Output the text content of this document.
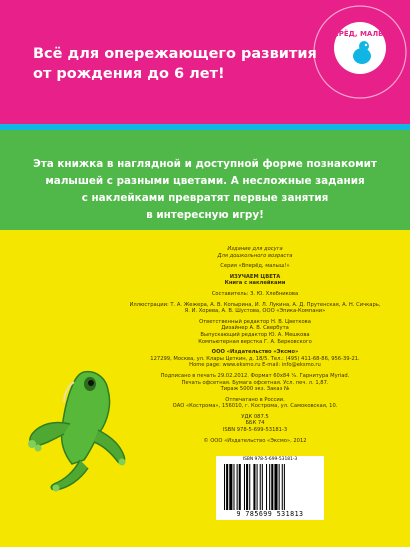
Всё для опережающего развития
от рождения до 6 лет!
ВПЕРЁД, МАЛЫШ!
от рождения до школы
Эта книжка в наглядной и доступной форме познакомит
малышей с разными цветами. А несложные задания
с наклейками превратят первые занятия
в интересную игру!
Издание для досуга
Для дошкольного возраста
Серия «Вперёд, малыш!»
ИЗУЧАЕМ ЦВЕТА
Книга с наклейками
Составитель: З. Ю. Хлебникова
Иллюстрации: Т. А. Жежера, А. В. Копырина, И. Л. Лукина, А. Д. Прутенская, А. Н. Сичкарь,
Я. И. Хорева, А. В. Шустова, ООО «Эпика-Компани»
Ответственный редактор Н. В. Цветкова
Дизайнер А. В. Свербута
Выпускающий редактор Ю. А. Мешкова
Компьютерная верстка Г. А. Берковского
ООО «Издательство «Эксмо»
127299, Москва, ул. Клары Цеткин, д. 18/5. Тел.: (495) 411-68-86, 956-39-21.
Home page: www.eksmo.ru E-mail: info@eksmo.ru
Подписано в печать 29.02.2012. Формат 60x84 ¹⁄₈. Гарнитура Myriad.
Печать офсетная. Бумага офсетная. Усл. печ. л. 1,87.
Тираж 5000 экз. Заказ №
Отпечатано в России.
ОАО «Кострома», 156010, г. Кострома, ул. Самоковская, 10.
УДК 087.5
ББК 74
ISBN 978-5-699-53181-3
© ООО «Издательство «Эксмо», 2012
ISBN 978-5-699-53181-3
9 785699 531813
